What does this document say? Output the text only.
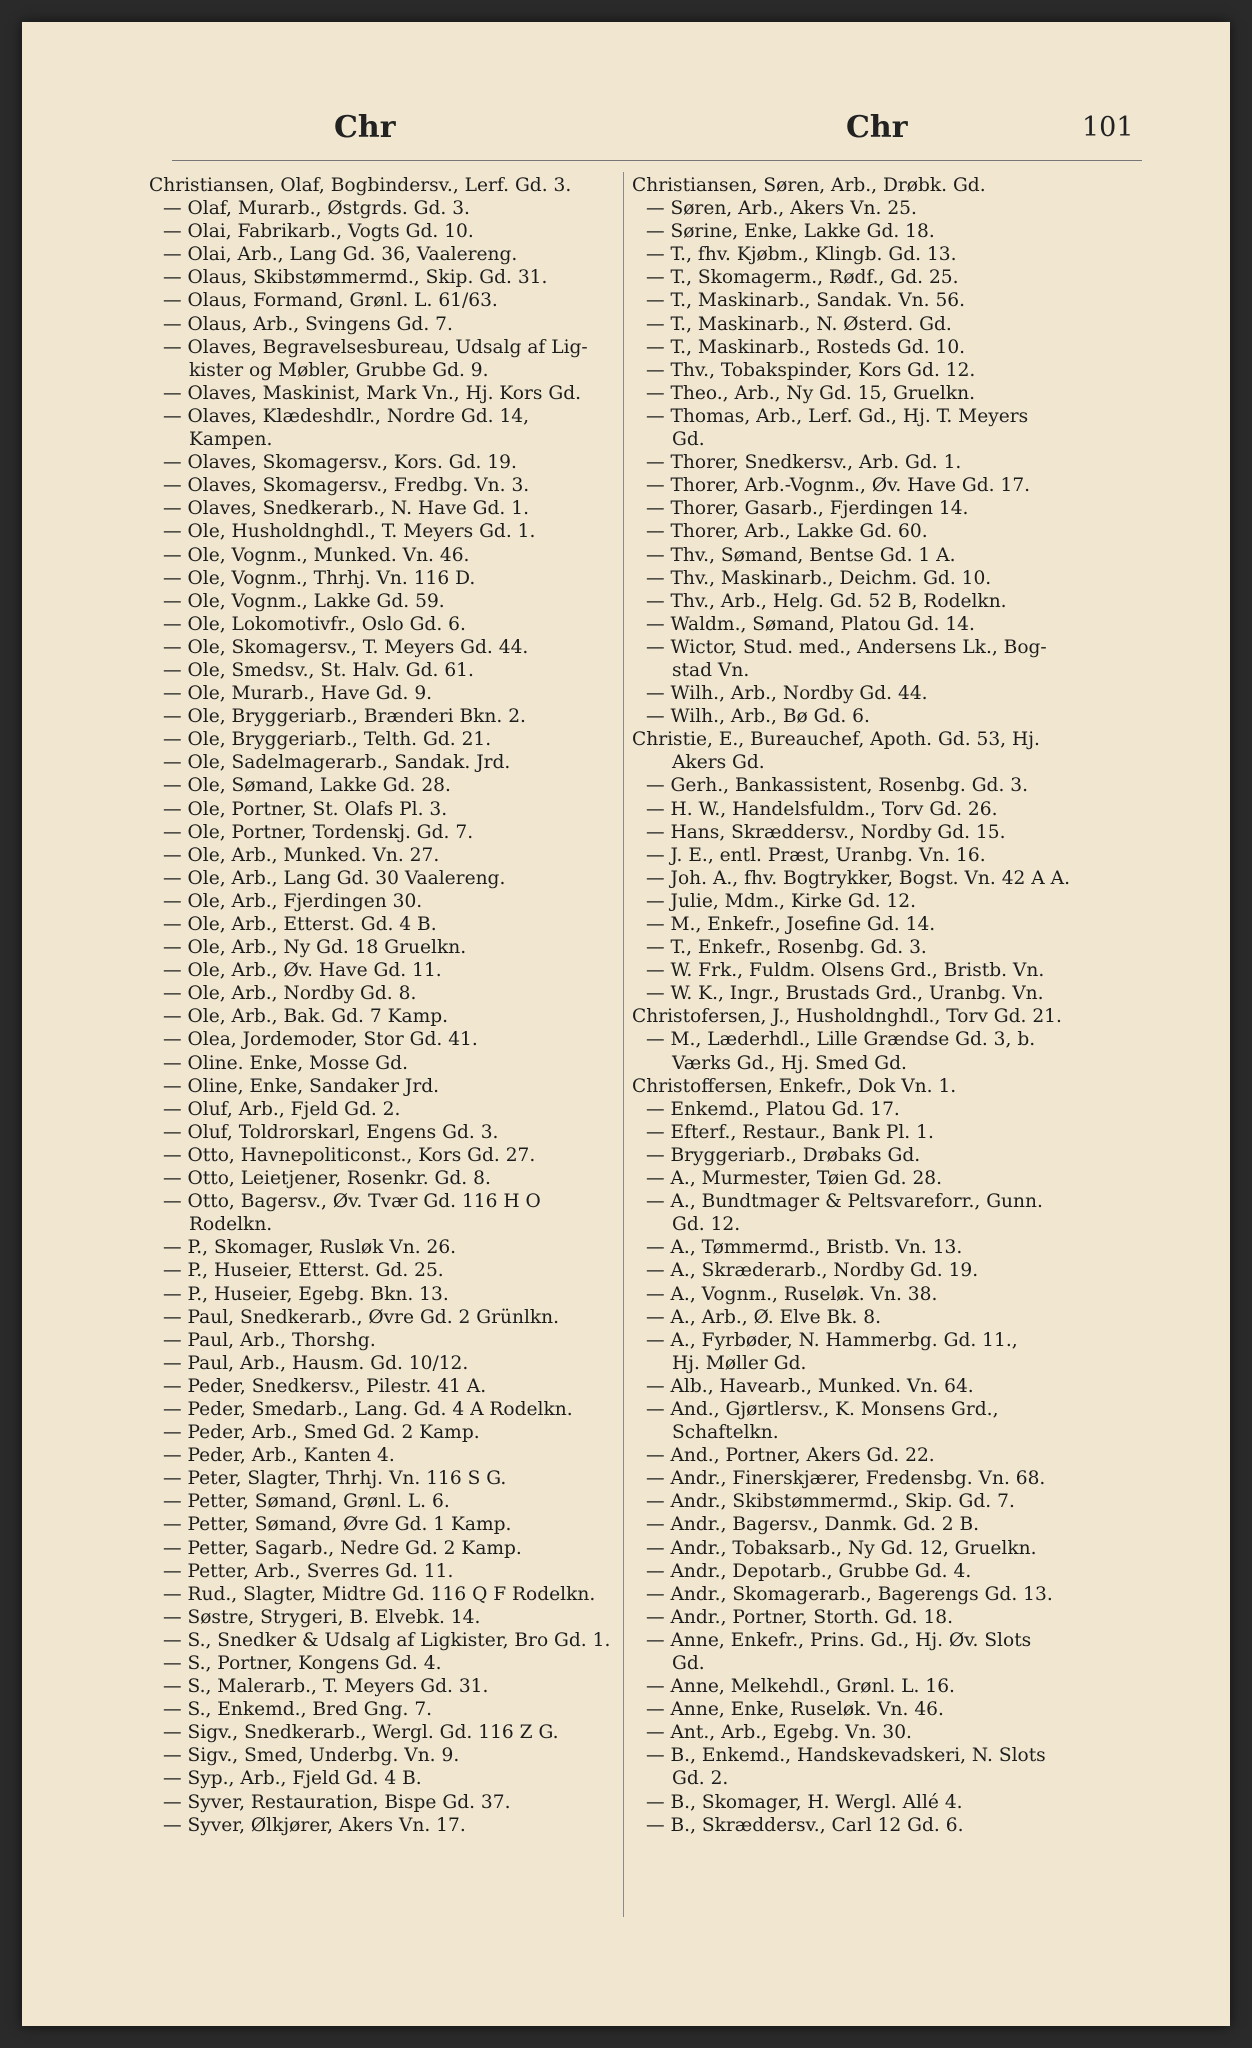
Chr	Chr	101
Christiansen, Olaf, Bogbindersv., Lerf. Gd. 3.
— Olaf, Murarb., Østgrds. Gd. 3.
— Olai, Fabrikarb., Vogts Gd. 10.
— Olai, Arb., Lang Gd. 36, Vaalereng.
— Olaus, Skibstømmermd., Skip. Gd. 31.
— Olaus, Formand, Grønl. L. 61/63.
— Olaus, Arb., Svingens Gd. 7.
— Olaves, Begravelsesbureau, Udsalg af Lig-
kister og Møbler, Grubbe Gd. 9.
— Olaves, Maskinist, Mark Vn., Hj. Kors Gd.
— Olaves, Klædeshdlr., Nordre Gd. 14,
Kampen.
— Olaves, Skomagersv., Kors. Gd. 19.
— Olaves, Skomagersv., Fredbg. Vn. 3.
— Olaves, Snedkerarb., N. Have Gd. 1.
— Ole, Husholdnghdl., T. Meyers Gd. 1.
— Ole, Vognm., Munked. Vn. 46.
— Ole, Vognm., Thrhj. Vn. 116 D.
— Ole, Vognm., Lakke Gd. 59.
— Ole, Lokomotivfr., Oslo Gd. 6.
— Ole, Skomagersv., T. Meyers Gd. 44.
— Ole, Smedsv., St. Halv. Gd. 61.
— Ole, Murarb., Have Gd. 9.
— Ole, Bryggeriarb., Brænderi Bkn. 2.
— Ole, Bryggeriarb., Telth. Gd. 21.
— Ole, Sadelmagerarb., Sandak. Jrd.
— Ole, Sømand, Lakke Gd. 28.
— Ole, Portner, St. Olafs Pl. 3.
— Ole, Portner, Tordenskj. Gd. 7.
— Ole, Arb., Munked. Vn. 27.
— Ole, Arb., Lang Gd. 30 Vaalereng.
— Ole, Arb., Fjerdingen 30.
— Ole, Arb., Etterst. Gd. 4 B.
— Ole, Arb., Ny Gd. 18 Gruelkn.
— Ole, Arb., Øv. Have Gd. 11.
— Ole, Arb., Nordby Gd. 8.
— Ole, Arb., Bak. Gd. 7 Kamp.
— Olea, Jordemoder, Stor Gd. 41.
— Oline. Enke, Mosse Gd.
— Oline, Enke, Sandaker Jrd.
— Oluf, Arb., Fjeld Gd. 2.
— Oluf, Toldrorskarl, Engens Gd. 3.
— Otto, Havnepoliticonst., Kors Gd. 27.
— Otto, Leietjener, Rosenkr. Gd. 8.
— Otto, Bagersv., Øv. Tvær Gd. 116 H O
Rodelkn.
— P., Skomager, Rusløk Vn. 26.
— P., Huseier, Etterst. Gd. 25.
— P., Huseier, Egebg. Bkn. 13.
— Paul, Snedkerarb., Øvre Gd. 2 Grünlkn.
— Paul, Arb., Thorshg.
— Paul, Arb., Hausm. Gd. 10/12.
— Peder, Snedkersv., Pilestr. 41 A.
— Peder, Smedarb., Lang. Gd. 4 A Rodelkn.
— Peder, Arb., Smed Gd. 2 Kamp.
— Peder, Arb., Kanten 4.
— Peter, Slagter, Thrhj. Vn. 116 S G.
— Petter, Sømand, Grønl. L. 6.
— Petter, Sømand, Øvre Gd. 1 Kamp.
— Petter, Sagarb., Nedre Gd. 2 Kamp.
— Petter, Arb., Sverres Gd. 11.
— Rud., Slagter, Midtre Gd. 116 Q F Rodelkn.
— Søstre, Strygeri, B. Elvebk. 14.
— S., Snedker & Udsalg af Ligkister, Bro Gd. 1.
— S., Portner, Kongens Gd. 4.
— S., Malerarb., T. Meyers Gd. 31.
— S., Enkemd., Bred Gng. 7.
— Sigv., Snedkerarb., Wergl. Gd. 116 Z G.
— Sigv., Smed, Underbg. Vn. 9.
— Syp., Arb., Fjeld Gd. 4 B.
— Syver, Restauration, Bispe Gd. 37.
— Syver, Ølkjører, Akers Vn. 17.
Christiansen, Søren, Arb., Drøbk. Gd.
— Søren, Arb., Akers Vn. 25.
— Sørine, Enke, Lakke Gd. 18.
— T., fhv. Kjøbm., Klingb. Gd. 13.
— T., Skomagerm., Rødf., Gd. 25.
— T., Maskinarb., Sandak. Vn. 56.
— T., Maskinarb., N. Østerd. Gd.
— T., Maskinarb., Rosteds Gd. 10.
— Thv., Tobakspinder, Kors Gd. 12.
— Theo., Arb., Ny Gd. 15, Gruelkn.
— Thomas, Arb., Lerf. Gd., Hj. T. Meyers
Gd.
— Thorer, Snedkersv., Arb. Gd. 1.
— Thorer, Arb.-Vognm., Øv. Have Gd. 17.
— Thorer, Gasarb., Fjerdingen 14.
— Thorer, Arb., Lakke Gd. 60.
— Thv., Sømand, Bentse Gd. 1 A.
— Thv., Maskinarb., Deichm. Gd. 10.
— Thv., Arb., Helg. Gd. 52 B, Rodelkn.
— Waldm., Sømand, Platou Gd. 14.
— Wictor, Stud. med., Andersens Lk., Bog-
stad Vn.
— Wilh., Arb., Nordby Gd. 44.
— Wilh., Arb., Bø Gd. 6.
Christie, E., Bureauchef, Apoth. Gd. 53, Hj.
Akers Gd.
— Gerh., Bankassistent, Rosenbg. Gd. 3.
— H. W., Handelsfuldm., Torv Gd. 26.
— Hans, Skræddersv., Nordby Gd. 15.
— J. E., entl. Præst, Uranbg. Vn. 16.
— Joh. A., fhv. Bogtrykker, Bogst. Vn. 42 A A.
— Julie, Mdm., Kirke Gd. 12.
— M., Enkefr., Josefine Gd. 14.
— T., Enkefr., Rosenbg. Gd. 3.
— W. Frk., Fuldm. Olsens Grd., Bristb. Vn.
— W. K., Ingr., Brustads Grd., Uranbg. Vn.
Christofersen, J., Husholdnghdl., Torv Gd. 21.
— M., Læderhdl., Lille Grændse Gd. 3, b.
Værks Gd., Hj. Smed Gd.
Christoffersen, Enkefr., Dok Vn. 1.
— Enkemd., Platou Gd. 17.
— Efterf., Restaur., Bank Pl. 1.
— Bryggeriarb., Drøbaks Gd.
— A., Murmester, Tøien Gd. 28.
— A., Bundtmager & Peltsvareforr., Gunn.
Gd. 12.
— A., Tømmermd., Bristb. Vn. 13.
— A., Skræderarb., Nordby Gd. 19.
— A., Vognm., Ruseløk. Vn. 38.
— A., Arb., Ø. Elve Bk. 8.
— A., Fyrbøder, N. Hammerbg. Gd. 11.,
Hj. Møller Gd.
— Alb., Havearb., Munked. Vn. 64.
— And., Gjørtlersv., K. Monsens Grd.,
Schaftelkn.
— And., Portner, Akers Gd. 22.
— Andr., Finerskjærer, Fredensbg. Vn. 68.
— Andr., Skibstømmermd., Skip. Gd. 7.
— Andr., Bagersv., Danmk. Gd. 2 B.
— Andr., Tobaksarb., Ny Gd. 12, Gruelkn.
— Andr., Depotarb., Grubbe Gd. 4.
— Andr., Skomagerarb., Bagerengs Gd. 13.
— Andr., Portner, Storth. Gd. 18.
— Anne, Enkefr., Prins. Gd., Hj. Øv. Slots
Gd.
— Anne, Melkehdl., Grønl. L. 16.
— Anne, Enke, Ruseløk. Vn. 46.
— Ant., Arb., Egebg. Vn. 30.
— B., Enkemd., Handskevadskeri, N. Slots
Gd. 2.
— B., Skomager, H. Wergl. Allé 4.
— B., Skræddersv., Carl 12 Gd. 6.
